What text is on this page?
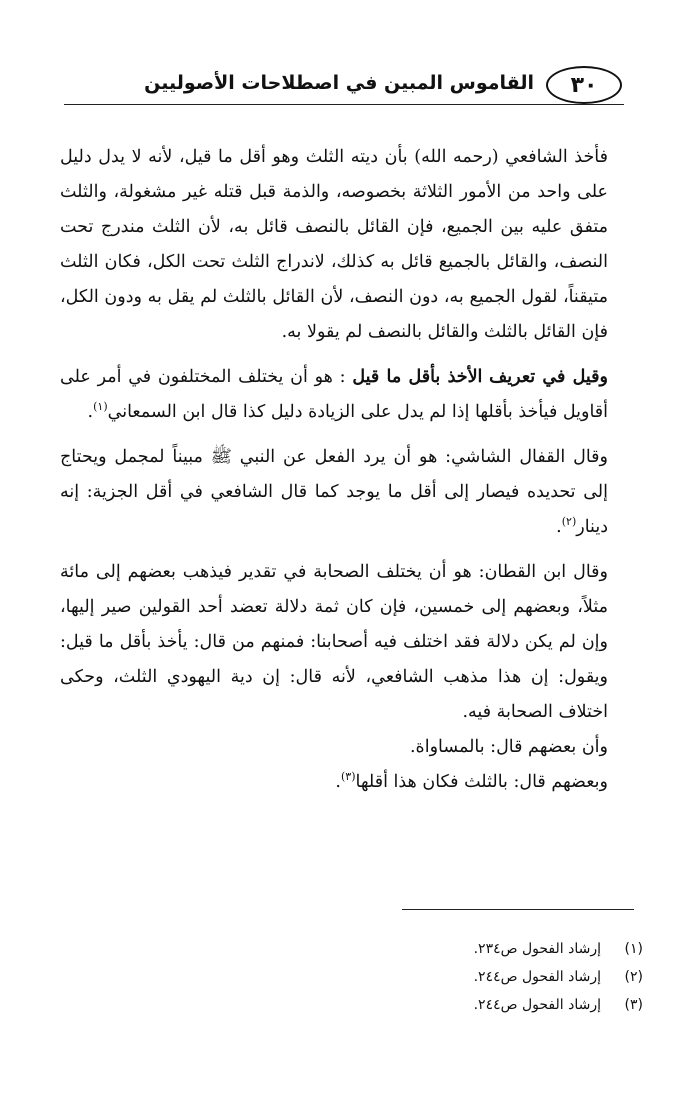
٣٠
القاموس المبين في اصطلاحات الأصوليين

فأخذ الشافعي (رحمه الله) بأن ديته الثلث وهو أقل ما قيل، لأنه لا يدل دليل على واحد من الأمور الثلاثة بخصوصه، والذمة قبل قتله غير مشغولة، والثلث متفق عليه بين الجميع، فإن القائل بالنصف قائل به، لأن الثلث مندرج تحت النصف، والقائل بالجميع قائل به كذلك، لاندراج الثلث تحت الكل، فكان الثلث متيقناً، لقول الجميع به، دون النصف، لأن القائل بالثلث لم يقل به ودون الكل، فإن القائل بالثلث والقائل بالنصف لم يقولا به.

وقيل في تعريف الأخذ بأقل ما قيل : هو أن يختلف المختلفون في أمر على أقاويل فيأخذ بأقلها إذا لم يدل على الزيادة دليل كذا قال ابن السمعاني$^{(١)}$.

وقال القفال الشاشي: هو أن يرد الفعل عن النبي ﷺ مبيناً لمجمل ويحتاج إلى تحديده فيصار إلى أقل ما يوجد كما قال الشافعي في أقل الجزية: إنه دينار$^{(٢)}$.

وقال ابن القطان: هو أن يختلف الصحابة في تقدير فيذهب بعضهم إلى مائة مثلاً، وبعضهم إلى خمسين، فإن كان ثمة دلالة تعضد أحد القولين صير إليها، وإن لم يكن دلالة فقد اختلف فيه أصحابنا: فمنهم من قال: يأخذ بأقل ما قيل: ويقول: إن هذا مذهب الشافعي، لأنه قال: إن دية اليهودي الثلث، وحكى اختلاف الصحابة فيه.

وأن بعضهم قال: بالمساواة.

وبعضهم قال: بالثلث فكان هذا أقلها$^{(٣)}$.

(١)إرشاد الفحول ص٢٣٤.

(٢)إرشاد الفحول ص٢٤٤.

(٣)إرشاد الفحول ص٢٤٤.
